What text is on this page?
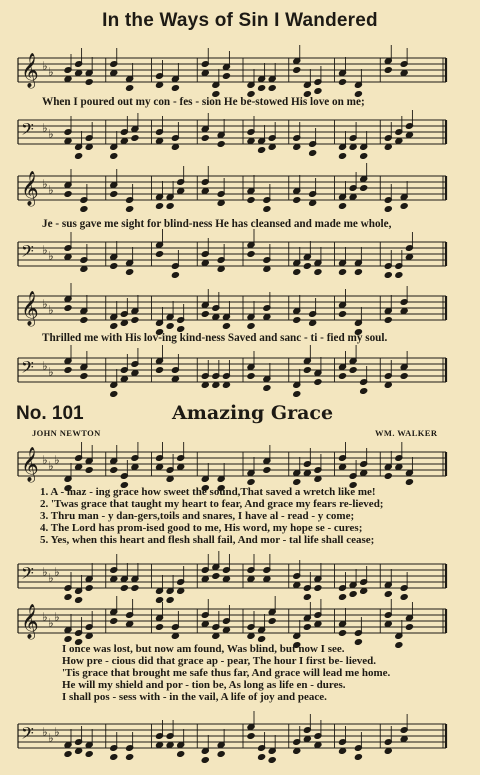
In the Ways of Sin I Wandered
𝄞 ♭ ♭
When I poured out my con - fes - sion He be-stowed His love on me;
𝄢 ♭ ♭
𝄞 ♭ ♭
Je - sus gave me sight for blind-ness He has cleansed and made me whole,
𝄢 ♭ ♭
𝄞 ♭ ♭
Thrilled me with His lov-ing kind-ness Saved and sanc - ti - fied my soul.
𝄢 ♭ ♭
No. 101	Amazing Grace
JOHN NEWTON	WM. WALKER
𝄞 ♭ ♭ ♭
1. A - maz - ing grace how sweet the sound,That saved a wretch like me!
2. 'Twas grace that taught my heart to fear, And grace my fears re-lieved;
3. Thru man - y dan-gers,toils and snares, I have al - read - y come;
4. The Lord has prom-ised good to me, His word, my hope se - cures;
5. Yes, when this heart and flesh shall fail, And mor - tal life shall cease;
𝄢 ♭ ♭ ♭
𝄞 ♭ ♭ ♭
I once was lost, but now am found, Was blind, but now I see.
How pre - cious did that grace ap - pear, The hour I first be- lieved.
'Tis grace that brought me safe thus far, And grace will lead me home.
He will my shield and por - tion be, As long as life en - dures.
I shall pos - sess with - in the vail, A life of joy and peace.
𝄢 ♭ ♭ ♭
